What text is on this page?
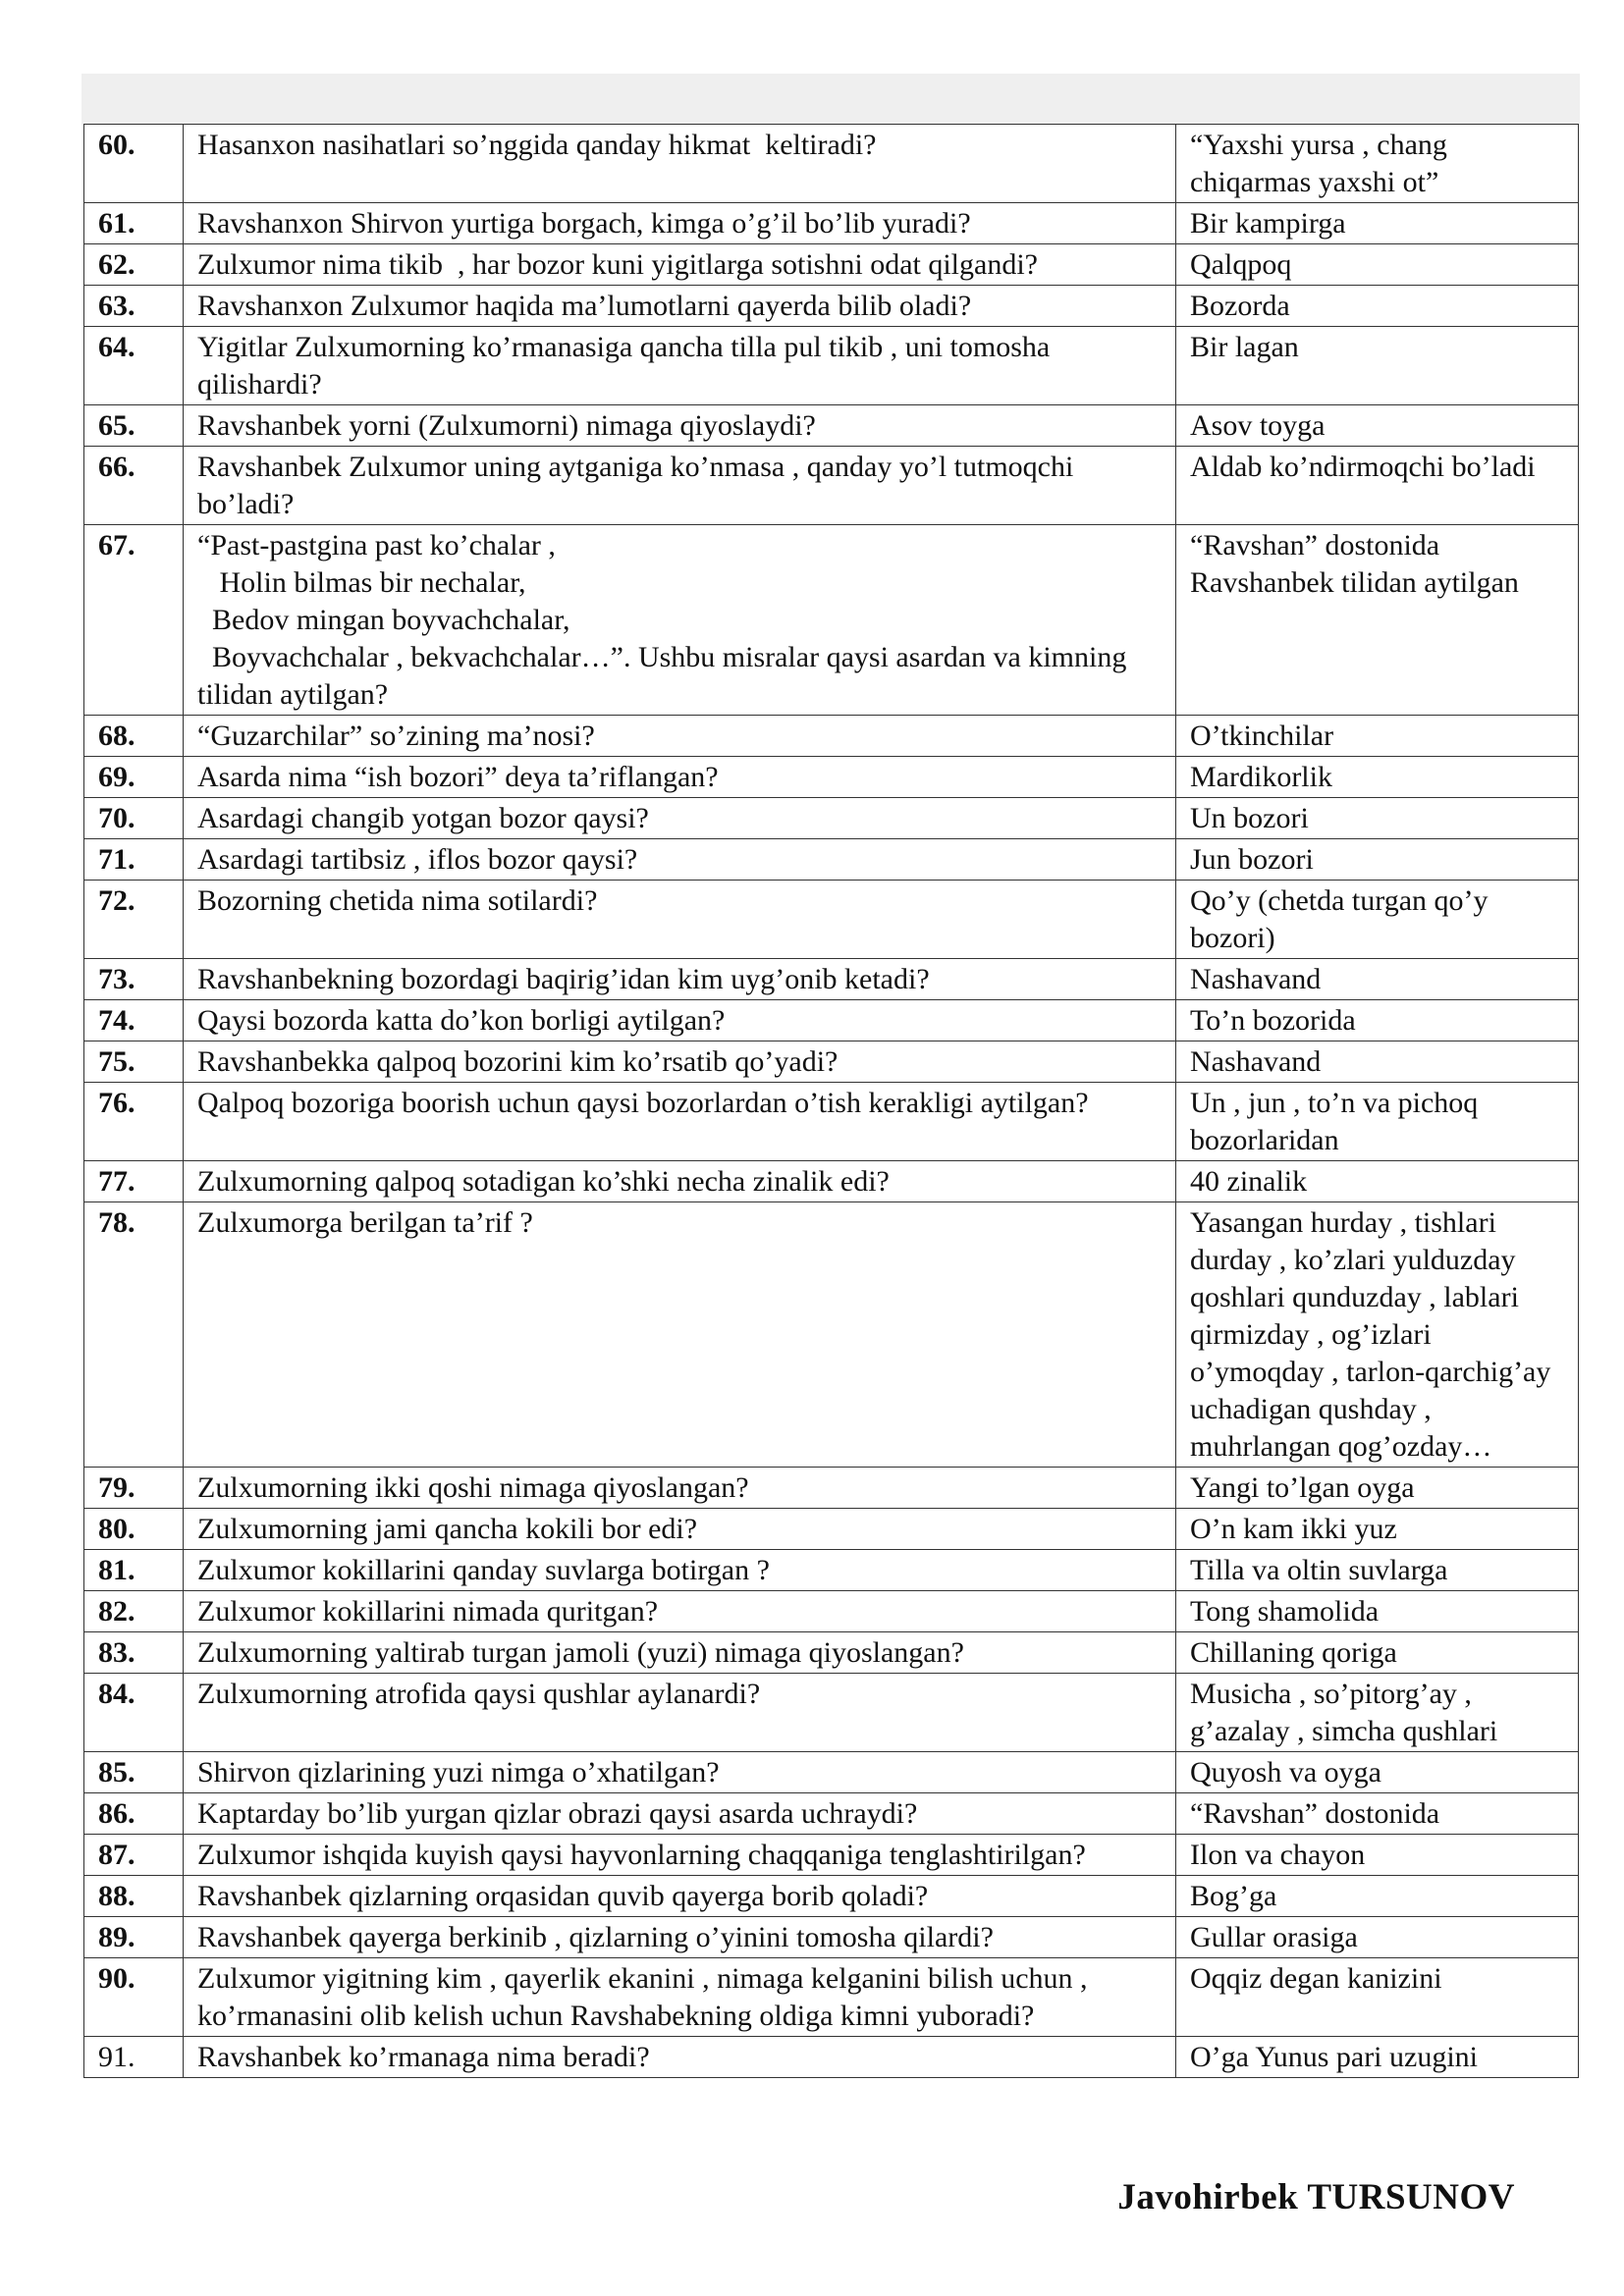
60.	Hasanxon nasihatlari so’nggida qanday hikmat  keltiradi?	“Yaxshi yursa , chang chiqarmas yaxshi ot”
61.	Ravshanxon Shirvon yurtiga borgach, kimga o’g’il bo’lib yuradi?	Bir kampirga
62.	Zulxumor nima tikib  , har bozor kuni yigitlarga sotishni odat qilgandi?	Qalqpoq
63.	Ravshanxon Zulxumor haqida ma’lumotlarni qayerda bilib oladi?	Bozorda
64.	Yigitlar Zulxumorning ko’rmanasiga qancha tilla pul tikib , uni tomosha qilishardi?	Bir lagan
65.	Ravshanbek yorni (Zulxumorni) nimaga qiyoslaydi?	Asov toyga
66.	Ravshanbek Zulxumor uning aytganiga ko’nmasa , qanday yo’l tutmoqchi bo’ladi?	Aldab ko’ndirmoqchi bo’ladi
67.	“Past-pastgina past ko’chalar ,
Holin bilmas bir nechalar,
Bedov mingan boyvachchalar,
Boyvachchalar , bekvachchalar…”. Ushbu misralar qaysi asardan va kimning tilidan aytilgan?	“Ravshan” dostonida Ravshanbek tilidan aytilgan
68.	“Guzarchilar” so’zining ma’nosi?	O’tkinchilar
69.	Asarda nima “ish bozori” deya ta’riflangan?	Mardikorlik
70.	Asardagi changib yotgan bozor qaysi?	Un bozori
71.	Asardagi tartibsiz , iflos bozor qaysi?	Jun bozori
72.	Bozorning chetida nima sotilardi?	Qo’y (chetda turgan qo’y bozori)
73.	Ravshanbekning bozordagi baqirig’idan kim uyg’onib ketadi?	Nashavand
74.	Qaysi bozorda katta do’kon borligi aytilgan?	To’n bozorida
75.	Ravshanbekka qalpoq bozorini kim ko’rsatib qo’yadi?	Nashavand
76.	Qalpoq bozoriga boorish uchun qaysi bozorlardan o’tish kerakligi aytilgan?	Un , jun , to’n va pichoq bozorlaridan
77.	Zulxumorning qalpoq sotadigan ko’shki necha zinalik edi?	40 zinalik
78.	Zulxumorga berilgan ta’rif ?	Yasangan hurday , tishlari durday , ko’zlari yulduzday qoshlari qunduzday , lablari qirmizday , og’izlari o’ymoqday , tarlon-qarchig’ay uchadigan qushday , muhrlangan qog’ozday…
79.	Zulxumorning ikki qoshi nimaga qiyoslangan?	Yangi to’lgan oyga
80.	Zulxumorning jami qancha kokili bor edi?	O’n kam ikki yuz
81.	Zulxumor kokillarini qanday suvlarga botirgan ?	Tilla va oltin suvlarga
82.	Zulxumor kokillarini nimada quritgan?	Tong shamolida
83.	Zulxumorning yaltirab turgan jamoli (yuzi) nimaga qiyoslangan?	Chillaning qoriga
84.	Zulxumorning atrofida qaysi qushlar aylanardi?	Musicha , so’pitorg’ay , g’azalay , simcha qushlari
85.	Shirvon qizlarining yuzi nimga o’xhatilgan?	Quyosh va oyga
86.	Kaptarday bo’lib yurgan qizlar obrazi qaysi asarda uchraydi?	“Ravshan” dostonida
87.	Zulxumor ishqida kuyish qaysi hayvonlarning chaqqaniga tenglashtirilgan?	Ilon va chayon
88.	Ravshanbek qizlarning orqasidan quvib qayerga borib qoladi?	Bog’ga
89.	Ravshanbek qayerga berkinib , qizlarning o’yinini tomosha qilardi?	Gullar orasiga
90.	Zulxumor yigitning kim , qayerlik ekanini , nimaga kelganini bilish uchun , ko’rmanasini olib kelish uchun Ravshabekning oldiga kimni yuboradi?	Oqqiz degan kanizini
91.	Ravshanbek ko’rmanaga nima beradi?	O’ga Yunus pari uzugini
Javohirbek TURSUNOV
